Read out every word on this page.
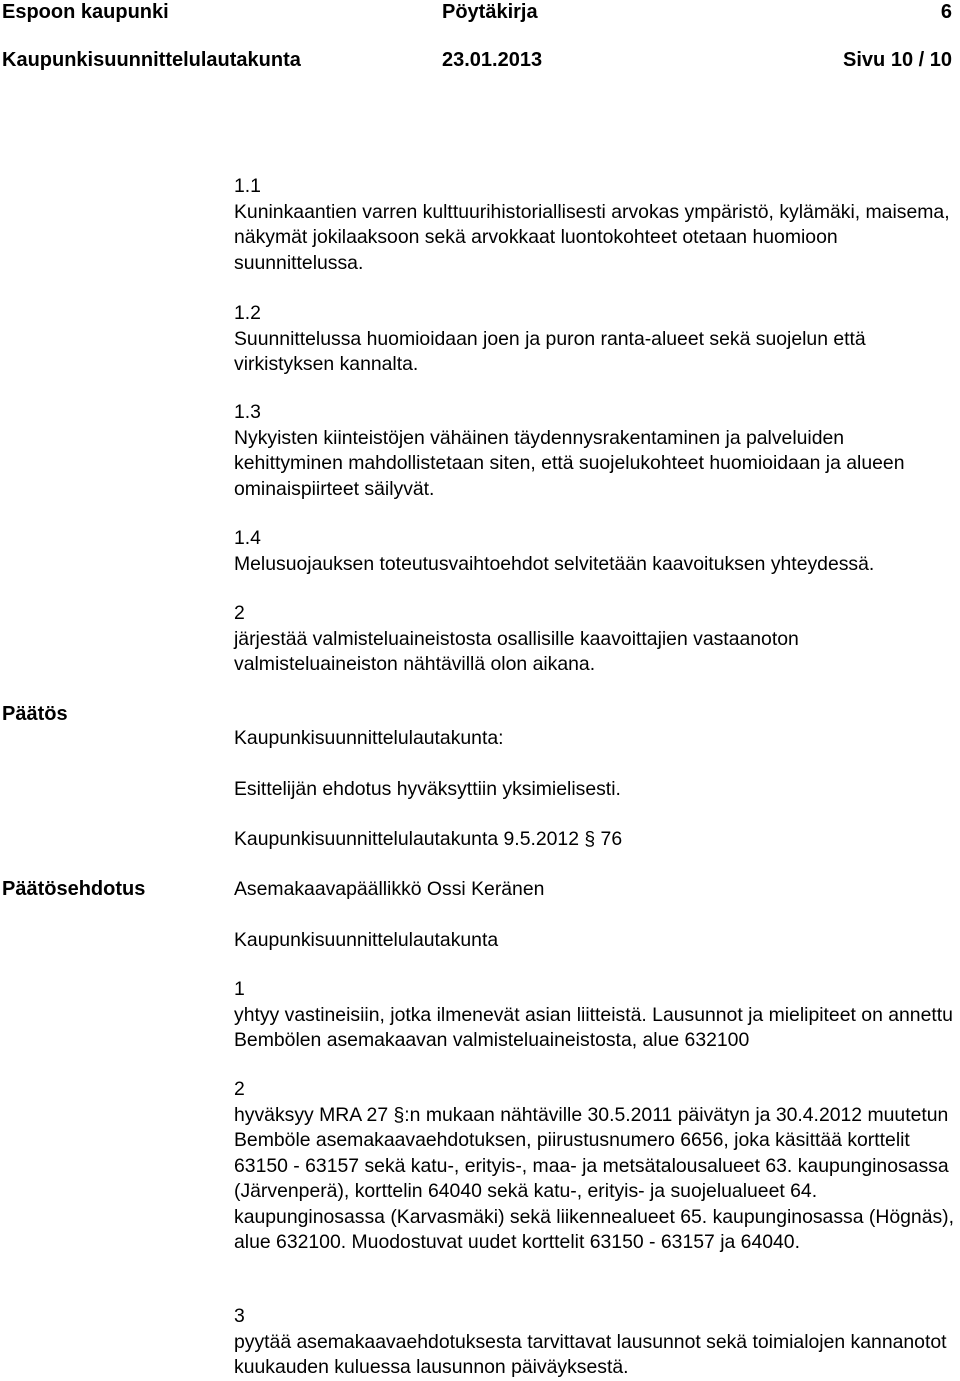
Espoon kaupunki	Pöytäkirja	6
Kaupunkisuunnittelulautakunta	23.01.2013	Sivu 10 / 10
1.1
Kuninkaantien varren kulttuurihistoriallisesti arvokas ympäristö, kylämäki, maisema, näkymät jokilaaksoon sekä arvokkaat luontokohteet otetaan huomioon suunnittelussa.
1.2
Suunnittelussa huomioidaan joen ja puron ranta-alueet sekä suojelun että virkistyksen kannalta.
1.3
Nykyisten kiinteistöjen vähäinen täydennysrakentaminen ja palveluiden kehittyminen mahdollistetaan siten, että suojelukohteet huomioidaan ja alueen ominaispiirteet säilyvät.
1.4
Melusuojauksen toteutusvaihtoehdot selvitetään kaavoituksen yhteydessä.
2
järjestää valmisteluaineistosta osallisille kaavoittajien vastaanoton valmisteluaineiston nähtävillä olon aikana.
Päätös
Kaupunkisuunnittelulautakunta:
Esittelijän ehdotus hyväksyttiin yksimielisesti.
Kaupunkisuunnittelulautakunta 9.5.2012 § 76
Päätösehdotus	Asemakaavapäällikkö Ossi Keränen
Kaupunkisuunnittelulautakunta
1
yhtyy vastineisiin, jotka ilmenevät asian liitteistä. Lausunnot ja mielipiteet on annettu Bembölen asemakaavan valmisteluaineistosta, alue 632100
2
hyväksyy MRA 27 §:n mukaan nähtäville 30.5.2011 päivätyn ja 30.4.2012 muutetun Bemböle asemakaavaehdotuksen, piirustusnumero 6656, joka käsittää korttelit 63150 - 63157 sekä katu-, erityis-, maa- ja metsätalousalueet 63. kaupunginosassa (Järvenperä), korttelin 64040 sekä katu-, erityis- ja suojelualueet 64. kaupunginosassa (Karvasmäki) sekä liikennealueet 65. kaupunginosassa (Högnäs), alue 632100. Muodostuvat uudet korttelit 63150 - 63157 ja 64040.
3
pyytää asemakaavaehdotuksesta tarvittavat lausunnot sekä toimialojen kannanotot kuukauden kuluessa lausunnon päiväyksestä.
